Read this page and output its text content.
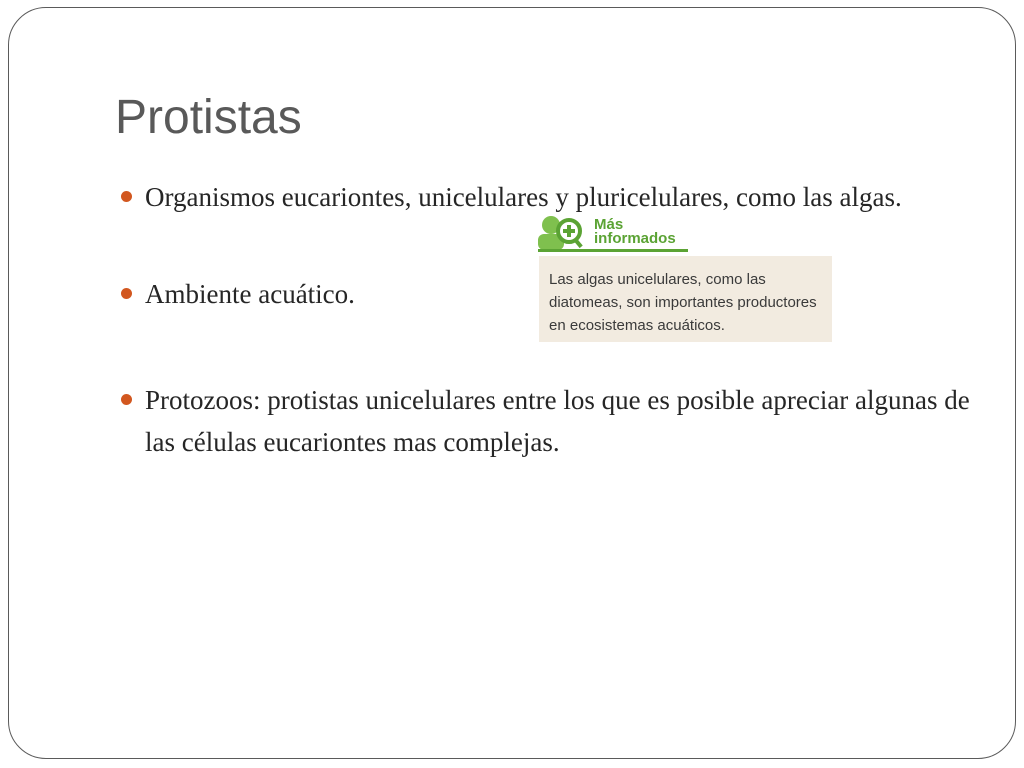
Protistas
Organismos eucariontes, unicelulares y pluricelulares, como las algas.
Ambiente acuático.
Protozoos: protistas unicelulares entre los que es posible apreciar algunas de las células eucariontes mas complejas.
Más
informados
Las algas unicelulares, como las
diatomeas, son importantes productores
en ecosistemas acuáticos.
